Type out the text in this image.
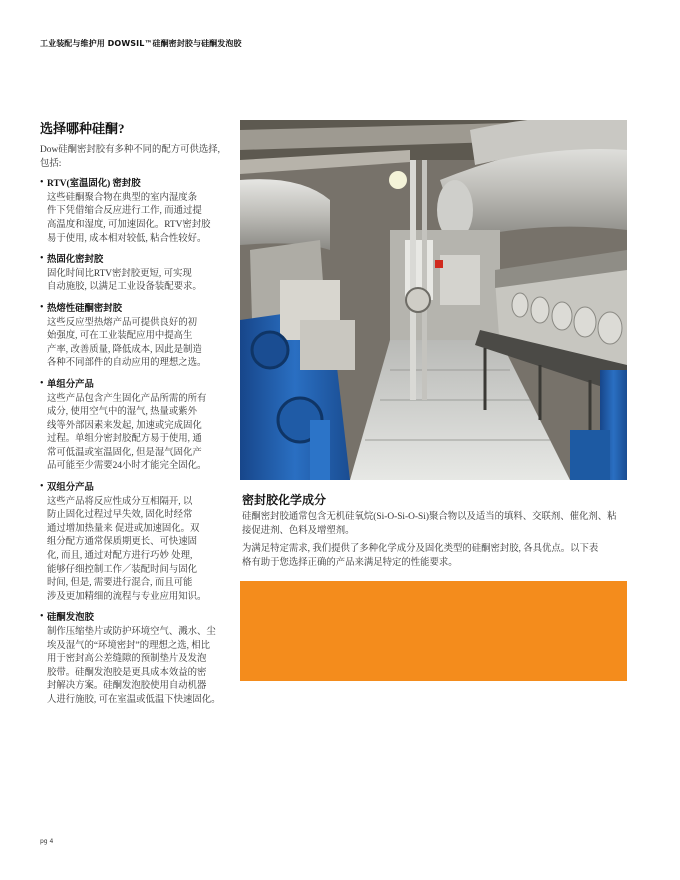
工业装配与维护用 DOWSIL™硅酮密封胶与硅酮发泡胶
选择哪种硅酮?
Dow硅酮密封胶有多种不同的配方可供选择, 包括:
• RTV(室温固化) 密封胶
这些硅酮聚合物在典型的室内湿度条
件下凭借缩合反应进行工作, 而通过提
高温度和湿度, 可加速固化。RTV密封胶
易于使用, 成本相对较低, 粘合性较好。
• 热固化密封胶
固化时间比RTV密封胶更短, 可实现
自动施胶, 以满足工业设备装配要求。
• 热熔性硅酮密封胶
这些反应型热熔产品可提供良好的初
始强度, 可在工业装配应用中提高生
产率, 改善质量, 降低成本, 因此是制造
各种不同部件的自动应用的理想之选。
• 单组分产品
这些产品包含产生固化产品所需的所有
成分, 使用空气中的湿气, 热量或紫外
线等外部因素来发起, 加速或完成固化
过程。单组分密封胶配方易于使用, 通
常可低温或室温固化, 但是湿气固化产
品可能至少需要24小时才能完全固化。
• 双组分产品
这些产品将反应性成分互相隔开, 以
防止固化过程过早失效, 固化时经常
通过增加热量来 促进或加速固化。双
组分配方通常保质期更长、可快速固
化, 而且, 通过对配方进行巧妙 处理,
能够仔细控制工作／装配时间与固化
时间, 但是, 需要进行混合, 而且可能
涉及更加精细的流程与专业应用知识。
• 硅酮发泡胶
制作压缩垫片或防护环境空气、溅水、尘
埃及湿气的“环境密封”的理想之选, 相比
用于密封高公差缝隙的预制垫片及发泡
胶带。硅酮发泡胶是更具成本效益的密
封解决方案。硅酮发泡胶使用自动机器
人进行施胶, 可在室温或低温下快速固化。
密封胶化学成分
硅酮密封胶通常包含无机硅氧烷(Si-O-Si-O-Si)聚合物以及适当的填料、交联剂、催化剂、粘
接促进剂、色料及增塑剂。
为满足特定需求, 我们提供了多种化学成分及固化类型的硅酮密封胶, 各具优点。以下表
格有助于您选择正确的产品来满足特定的性能要求。
pg 4
